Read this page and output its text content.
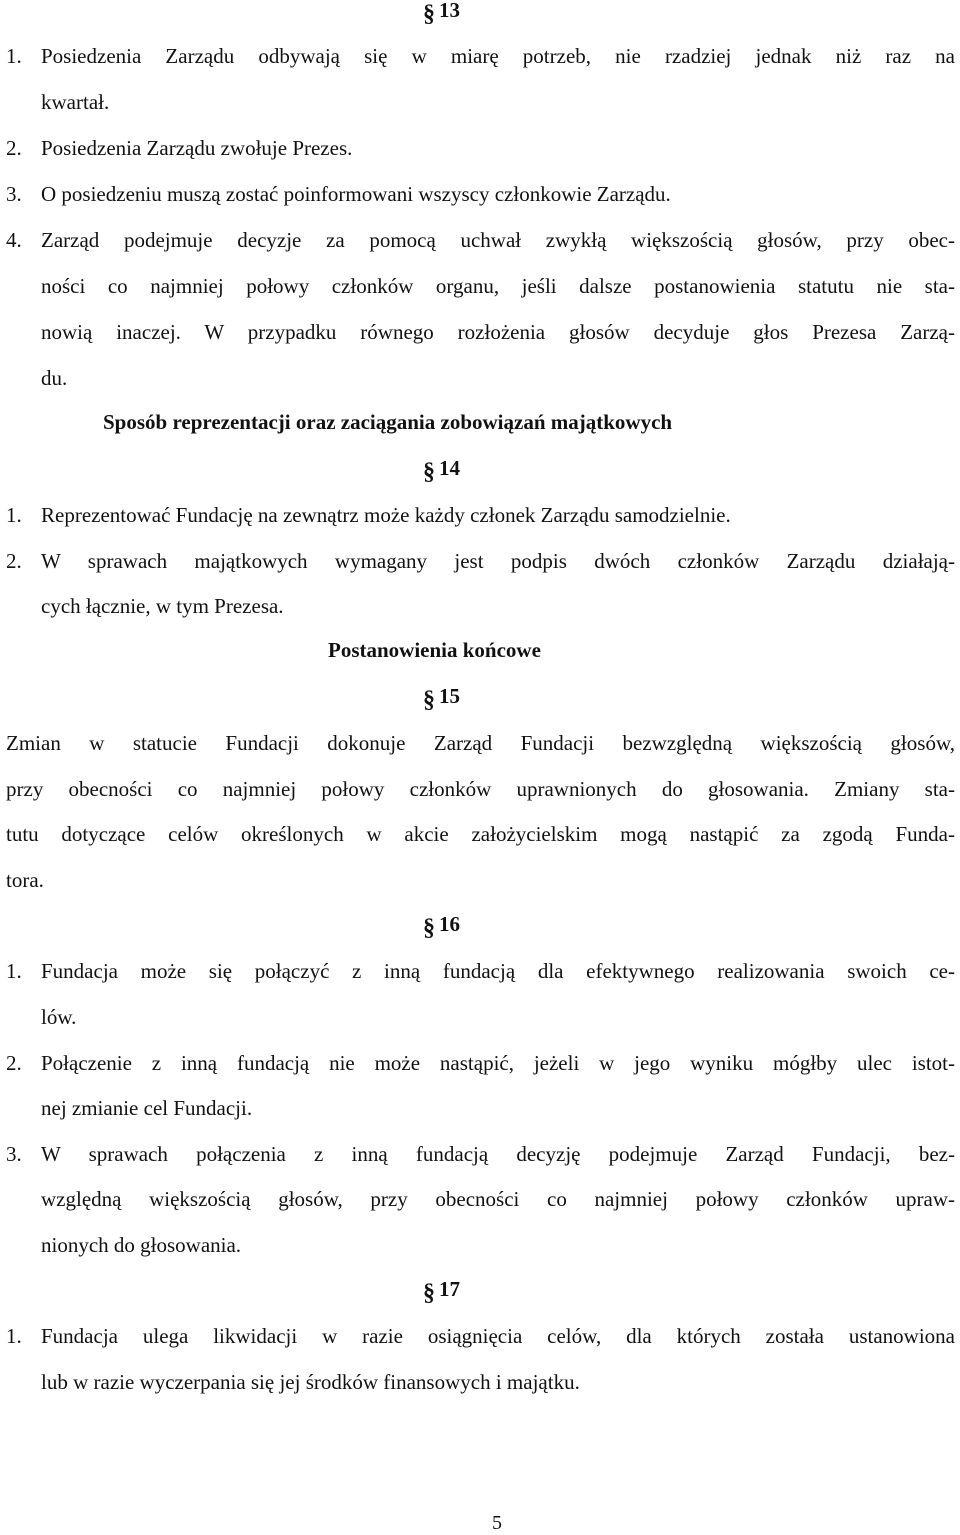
§ 13
1. Posiedzenia Zarządu odbywają się w miarę potrzeb, nie rzadziej jednak niż raz na
kwartał.
2. Posiedzenia Zarządu zwołuje Prezes.
3. O posiedzeniu muszą zostać poinformowani wszyscy członkowie Zarządu.
4. Zarząd podejmuje decyzje za pomocą uchwał zwykłą większością głosów, przy obec-
ności co najmniej połowy członków organu, jeśli dalsze postanowienia statutu nie sta-
nowią inaczej. W przypadku równego rozłożenia głosów decyduje głos Prezesa Zarzą-
du.
Sposób reprezentacji oraz zaciągania zobowiązań majątkowych
§ 14
1. Reprezentować Fundację na zewnątrz może każdy członek Zarządu samodzielnie.
2. W sprawach majątkowych wymagany jest podpis dwóch członków Zarządu działają-
cych łącznie, w tym Prezesa.
Postanowienia końcowe
§ 15
Zmian w statucie Fundacji dokonuje Zarząd Fundacji bezwzględną większością głosów,
przy obecności co najmniej połowy członków uprawnionych do głosowania. Zmiany sta-
tutu dotyczące celów określonych w akcie założycielskim mogą nastąpić za zgodą Funda-
tora.
§ 16
1. Fundacja może się połączyć z inną fundacją dla efektywnego realizowania swoich ce-
lów.
2. Połączenie z inną fundacją nie może nastąpić, jeżeli w jego wyniku mógłby ulec istot-
nej zmianie cel Fundacji.
3. W sprawach połączenia z inną fundacją decyzję podejmuje Zarząd Fundacji, bez-
względną większością głosów, przy obecności co najmniej połowy członków upraw-
nionych do głosowania.
§ 17
1. Fundacja ulega likwidacji w razie osiągnięcia celów, dla których została ustanowiona
lub w razie wyczerpania się jej środków finansowych i majątku.
5
